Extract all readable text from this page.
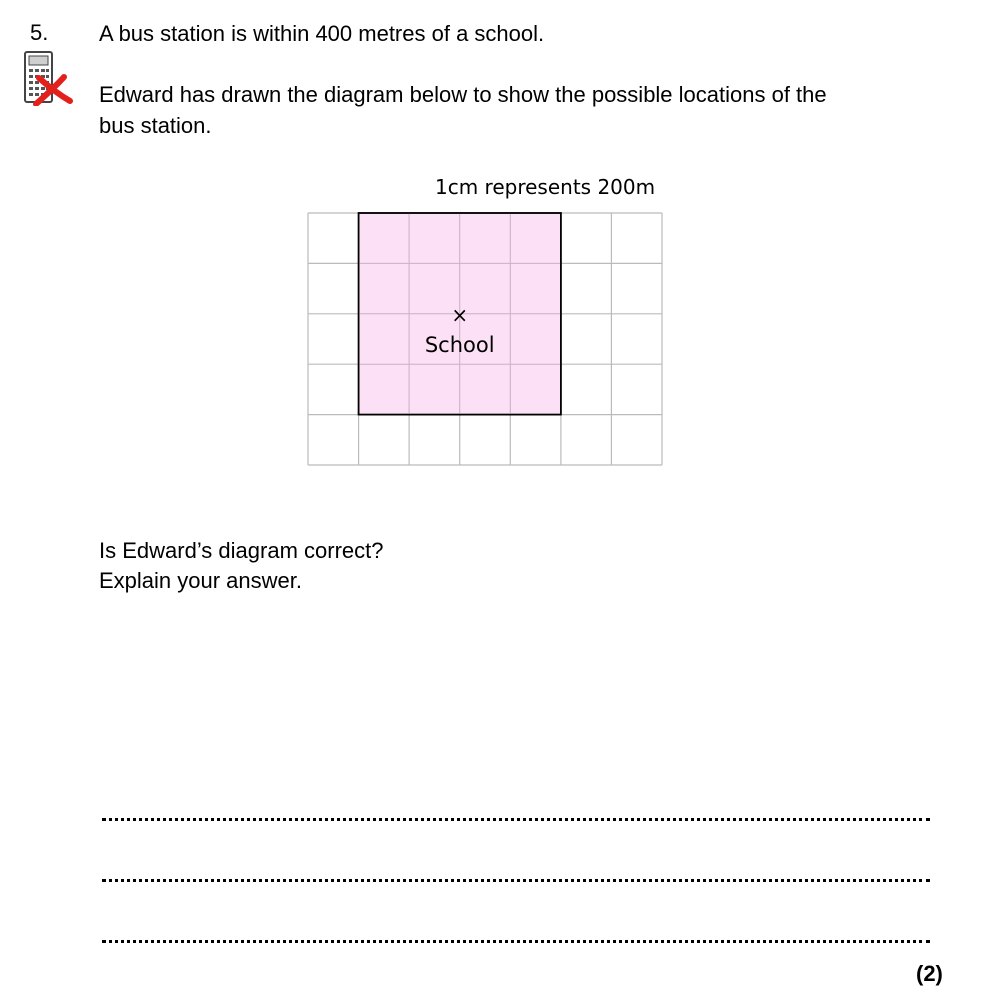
5. A bus station is within 400 metres of a school.
Edward has drawn the diagram below to show the possible locations of the
bus station.
1cm represents 200m
×
School
Is Edward’s diagram correct?
Explain your answer.
(2)
